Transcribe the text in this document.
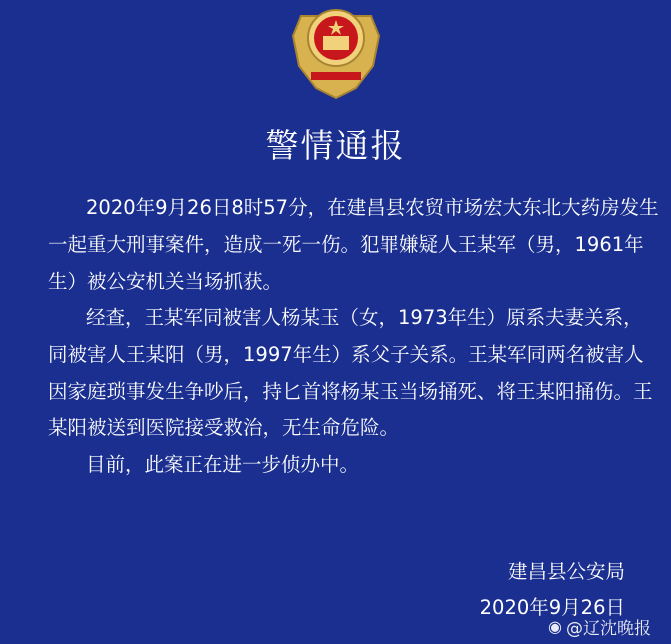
警情通报
2020年9月26日8时57分，在建昌县农贸市场宏大东北大药房发生
一起重大刑事案件，造成一死一伤。犯罪嫌疑人王某军（男，1961年
生）被公安机关当场抓获。
经查，王某军同被害人杨某玉（女，1973年生）原系夫妻关系，
同被害人王某阳（男，1997年生）系父子关系。王某军同两名被害人
因家庭琐事发生争吵后，持匕首将杨某玉当场捅死、将王某阳捅伤。王
某阳被送到医院接受救治，无生命危险。
目前，此案正在进一步侦办中。
建昌县公安局
2020年9月26日
◉ @辽沈晚报
